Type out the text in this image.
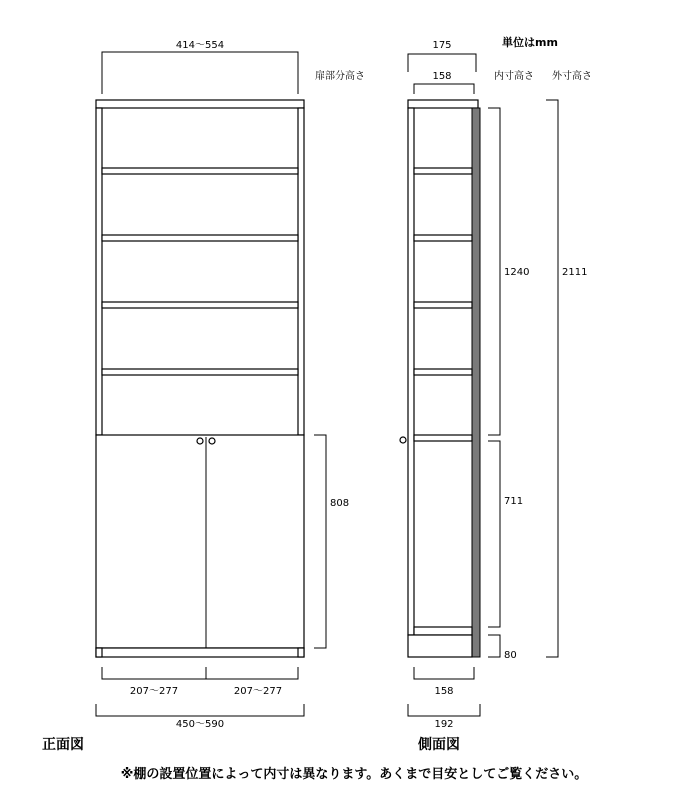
414～554
扉部分高さ
808
207～277	207～277
450～590
正面図
単位はmm
175
158	内寸高さ 外寸高さ
1240
711
80
2111
158
192
側面図
※棚の設置位置によって内寸は異なります。あくまで目安としてご覧ください。
